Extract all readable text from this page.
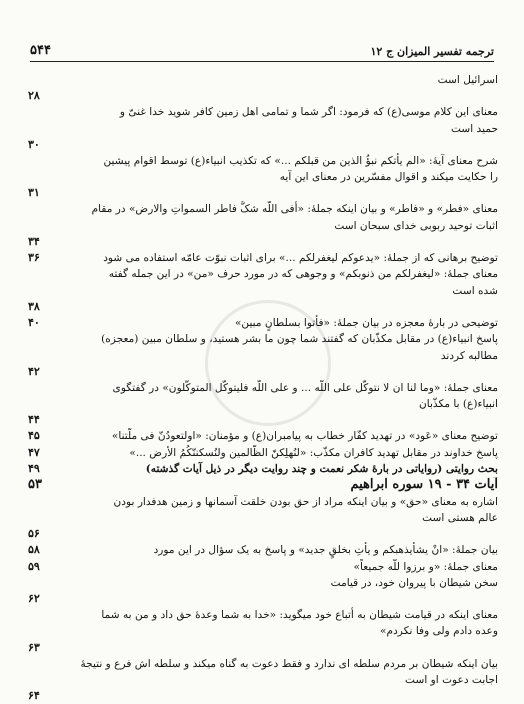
۵۴۴	ترجمه تفسیر المیزان ج ۱۲
اسرائیل است
۲۸
معنای این کلام موسی(ع) که فرمود: اگر شما و تمامی اهل زمین کافر شوید خدا غنیّ و
حمید است
۳۰
شرح معنای آیهٔ: «الم یأتکم نبؤُ الذین من قبلکم ...» که تکذیب انبیاء(ع) توسط اقوام پیشین
را حکایت میکند و اقوال مفسّرین در معنای این آیه
۳۱
معنای «فطر» و «فاطر» و بیان اینکه جملهٔ: «أفی اللّه شکٌّ فاطر السمواتِ والارض» در مقام
اثبات توحید ربوبی خدای سبحان است
۳۴
توضیح برهانی که از جملهٔ: «یدعوکم لیغفرلکم ...» برای اثبات نبوّت عامّه استفاده می شود
۳۶
معنای جملهٔ: «لیغفرلکم من ذنوبکم» و وجوهی که در مورد حرف «من» در این جمله گفته
شده است
۳۸
توضیحی در بارهٔ معجزه در بیان جملهٔ: «فأتوا بسلطانٍ مبین»
۴۰
پاسخ انبیاء(ع) در مقابل مکذّبان که گفتند شما چون ما بشر هستید، و سلطان مبین (معجزه)
مطالبه کردند
۴۲
معنای جملهٔ: «وما لنا ان لا نتوکّل علی اللّه ... و علی اللّه فلیتوکّل المتوکّلون» در گفتگوی
انبیاء(ع) با مکذّبان
۴۴
توضیح معنای «عَود» در تهدید کفّار خطاب به پیامبران(ع) و مؤمنان: «اولتعودُنّ فی ملّتنا»
۴۵
پاسخ خداوند در مقابل تهدید کافران مکذّب: «لنُهلِکنّ الظّالمین ولنُسکننّکُمُ الأرض ...»
۴۷
بحث روایتی (روایاتی در بارهٔ شکر نعمت و چند روایت دیگر در ذیل آیات گذشته)
۴۹
آیات ۳۴ - ۱۹ سوره ابراهیم
۵۳
اشاره به معنای «حق» و بیان اینکه مراد از حق بودن خلقت آسمانها و زمین هدفدار بودن
عالم هستی است
۵۶
بیان جملهٔ: «انْ یشأیذهبکم و یأتِ بخلقٍ جدید» و پاسخ به یک سؤال در این مورد
۵۸
معنای جملهٔ: «و برزوا للّه جمیعاً»
۵۹
سخن شیطان با پیروان خود، در قیامت
۶۲
معنای اینکه در قیامت شیطان به أتباع خود میگوید: «خدا به شما وعدهٔ حق داد و من به شما
وعده دادم ولی وفا نکردم»
۶۳
بیان اینکه شیطان بر مردم سلطه ای ندارد و فقط دعوت به گناه میکند و سلطه اش فرع و نتیجهٔ
اجابت دعوت او است
۶۴
